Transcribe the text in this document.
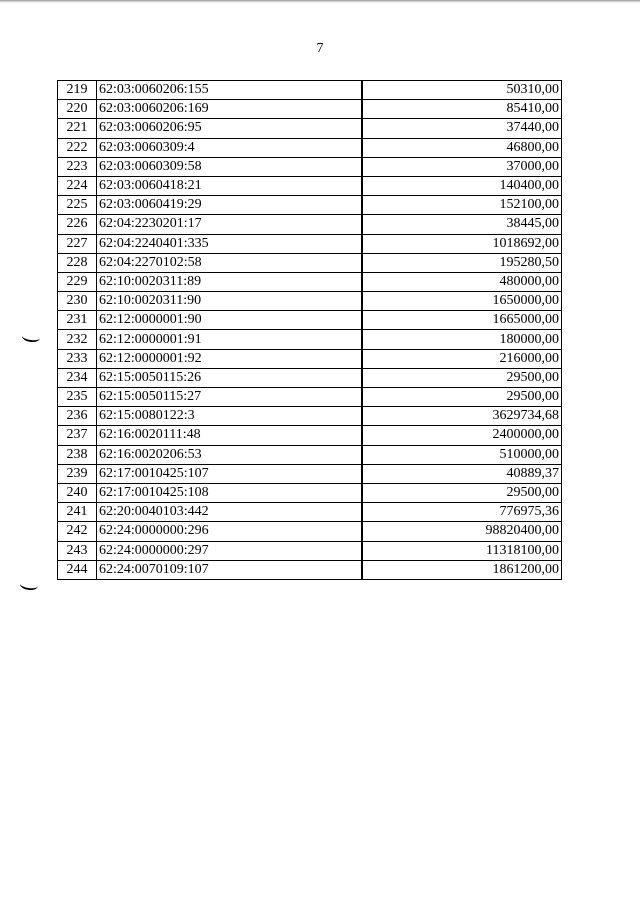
7
219	62:03:0060206:155	50310,00
220	62:03:0060206:169	85410,00
221	62:03:0060206:95	37440,00
222	62:03:0060309:4	46800,00
223	62:03:0060309:58	37000,00
224	62:03:0060418:21	140400,00
225	62:03:0060419:29	152100,00
226	62:04:2230201:17	38445,00
227	62:04:2240401:335	1018692,00
228	62:04:2270102:58	195280,50
229	62:10:0020311:89	480000,00
230	62:10:0020311:90	1650000,00
231	62:12:0000001:90	1665000,00
232	62:12:0000001:91	180000,00
233	62:12:0000001:92	216000,00
234	62:15:0050115:26	29500,00
235	62:15:0050115:27	29500,00
236	62:15:0080122:3	3629734,68
237	62:16:0020111:48	2400000,00
238	62:16:0020206:53	510000,00
239	62:17:0010425:107	40889,37
240	62:17:0010425:108	29500,00
241	62:20:0040103:442	776975,36
242	62:24:0000000:296	98820400,00
243	62:24:0000000:297	11318100,00
244	62:24:0070109:107	1861200,00
